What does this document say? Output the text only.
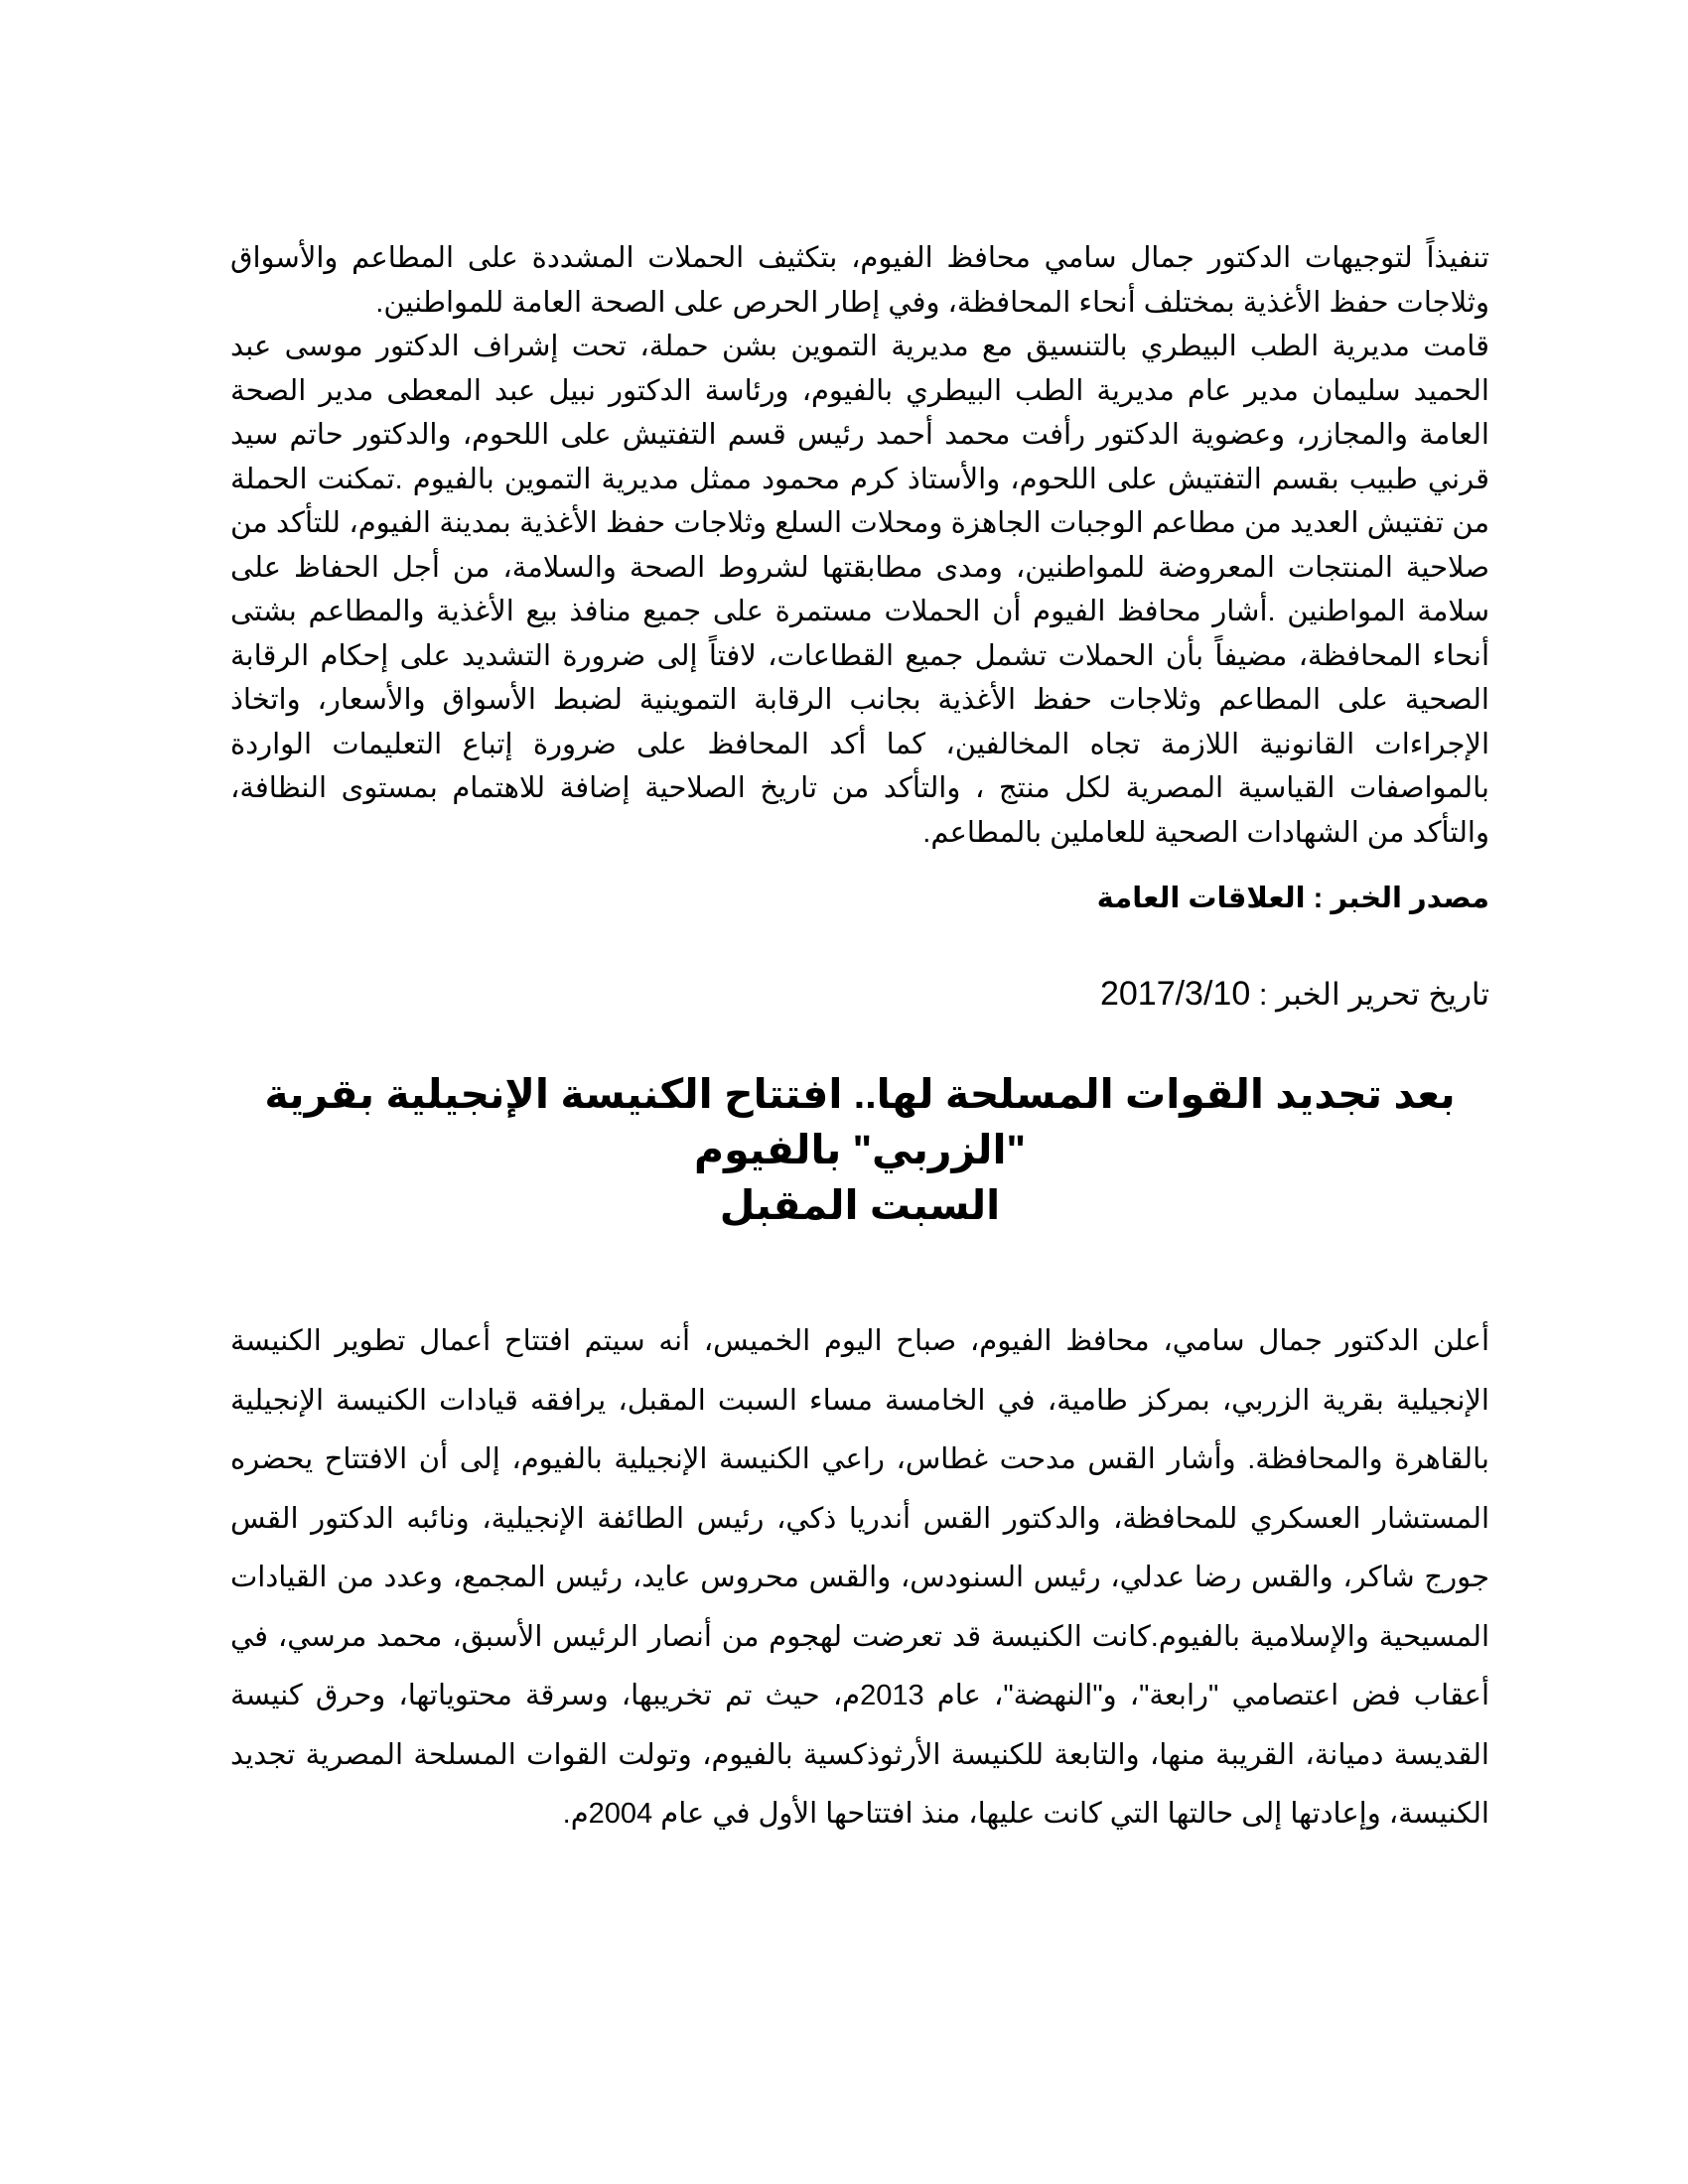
تنفيذاً لتوجيهات الدكتور جمال سامي محافظ الفيوم، بتكثيف الحملات المشددة على المطاعم والأسواق وثلاجات حفظ الأغذية بمختلف أنحاء المحافظة، وفي إطار الحرص على الصحة العامة للمواطنين.

قامت مديرية الطب البيطري بالتنسيق مع مديرية التموين بشن حملة، تحت إشراف الدكتور موسى عبد الحميد سليمان مدير عام مديرية الطب البيطري بالفيوم، ورئاسة الدكتور نبيل عبد المعطى مدير الصحة العامة والمجازر، وعضوية الدكتور رأفت محمد أحمد رئيس قسم التفتيش على اللحوم، والدكتور حاتم سيد قرني طبيب بقسم التفتيش على اللحوم، والأستاذ كرم محمود ممثل مديرية التموين بالفيوم .تمكنت الحملة من تفتيش العديد من مطاعم الوجبات الجاهزة ومحلات السلع وثلاجات حفظ الأغذية بمدينة الفيوم، للتأكد من صلاحية المنتجات المعروضة للمواطنين، ومدى مطابقتها لشروط الصحة والسلامة، من أجل الحفاظ على سلامة المواطنين .أشار محافظ الفيوم أن الحملات مستمرة على جميع منافذ بيع الأغذية والمطاعم بشتى أنحاء المحافظة، مضيفاً بأن الحملات تشمل جميع القطاعات، لافتاً إلى ضرورة التشديد على إحكام الرقابة الصحية على المطاعم وثلاجات حفظ الأغذية بجانب الرقابة التموينية لضبط الأسواق والأسعار، واتخاذ الإجراءات القانونية اللازمة تجاه المخالفين، كما أكد المحافظ على ضرورة إتباع التعليمات الواردة بالمواصفات القياسية المصرية لكل منتج ، والتأكد من تاريخ الصلاحية إضافة للاهتمام بمستوى النظافة، والتأكد من الشهادات الصحية للعاملين بالمطاعم.

مصدر الخبر : العلاقات العامة

تاريخ تحرير الخبر : 2017/3/10

بعد تجديد القوات المسلحة لها.. افتتاح الكنيسة الإنجيلية بقرية "الزربي" بالفيوم
السبت المقبل

أعلن الدكتور جمال سامي، محافظ الفيوم، صباح اليوم الخميس، أنه سيتم افتتاح أعمال تطوير الكنيسة الإنجيلية بقرية الزربي، بمركز طامية، في الخامسة مساء السبت المقبل، يرافقه قيادات الكنيسة الإنجيلية بالقاهرة والمحافظة. وأشار القس مدحت غطاس، راعي الكنيسة الإنجيلية بالفيوم، إلى أن الافتتاح يحضره المستشار العسكري للمحافظة، والدكتور القس أندريا ذكي، رئيس الطائفة الإنجيلية، ونائبه الدكتور القس جورج شاكر، والقس رضا عدلي، رئيس السنودس، والقس محروس عايد، رئيس المجمع، وعدد من القيادات المسيحية والإسلامية بالفيوم.كانت الكنيسة قد تعرضت لهجوم من أنصار الرئيس الأسبق، محمد مرسي، في أعقاب فض اعتصامي "رابعة"، و"النهضة"، عام 2013م، حيث تم تخريبها، وسرقة محتوياتها، وحرق كنيسة القديسة دميانة، القريبة منها، والتابعة للكنيسة الأرثوذكسية بالفيوم، وتولت القوات المسلحة المصرية تجديد الكنيسة، وإعادتها إلى حالتها التي كانت عليها، منذ افتتاحها الأول في عام 2004م.
